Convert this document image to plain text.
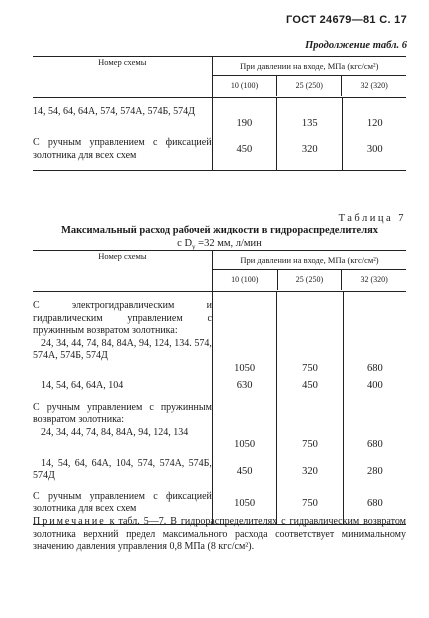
ГОСТ 24679—81 С. 17
Продолжение табл. 6
Номер схемы	При давлении на входе, МПа (кгс/см²)
10 (100) 25 (250) 32 (320)		

14, 54, 64, 64А, 574, 574А, 574Б, 574Д	190	135	120
С ручным управлением с фиксацией золотника для всех схем	450	320	300
Таблица 7
Максимальный расход рабочей жидкости в гидрораспределителях
с $D_y =32$ мм, л/мин
Номер схемы	При давлении на входе, МПа (кгс/см²)
10 (100) 25 (250) 32 (320)		

С электрогидравлическим и гидравлическим управлением с пружинным возвратом золотника:
24, 34, 44, 74, 84, 84А, 94, 124, 134. 574, 574А, 574Б, 574Д	1050	750	680
14, 54, 64, 64А, 104	630	450	400

С ручным управлением с пружинным возвратом золотника:
24, 34, 44, 74, 84, 84А, 94, 124, 134	1050	750	680
14, 54, 64, 64А, 104, 574, 574А, 574Б, 574Д	450	320	280
С ручным управлением с фиксацией золотника для всех схем	1050	750	680
Примечание к табл. 5—7. В гидрораспределителях с гидравлическим возвратом золотника верхний предел максимального расхода соответствует минимальному значению давления управления 0,8 МПа (8 кгс/см²).
